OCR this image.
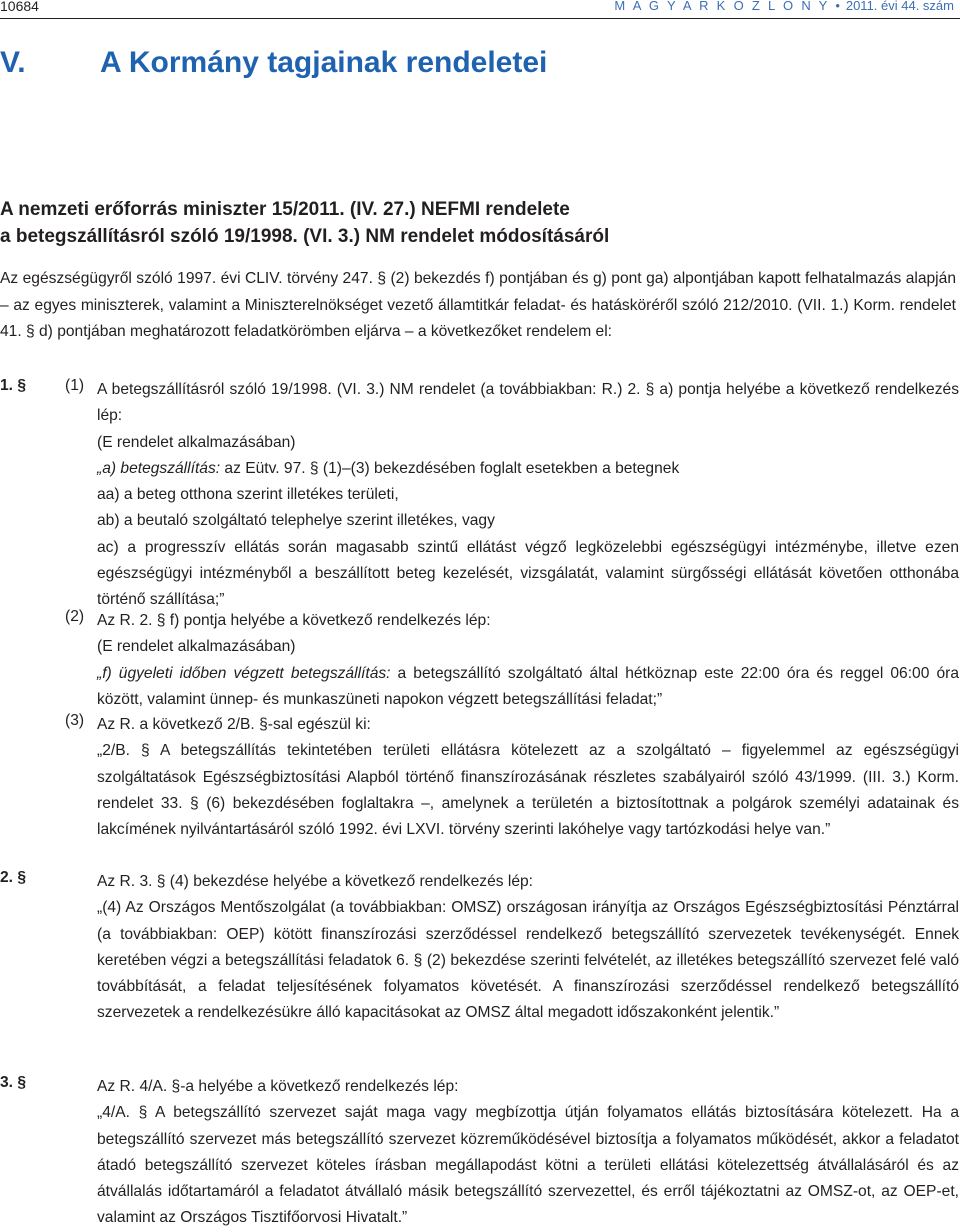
10684	M A G Y A R K Ö Z L Ö N Y • 2011. évi 44. szám
V. A Kormány tagjainak rendeletei
A nemzeti erőforrás miniszter 15/2011. (IV. 27.) NEFMI rendelete
a betegszállításról szóló 19/1998. (VI. 3.) NM rendelet módosításáról
Az egészségügyről szóló 1997. évi CLIV. törvény 247. § (2) bekezdés f) pontjában és g) pont ga) alpontjában kapott felhatalmazás alapján – az egyes miniszterek, valamint a Miniszterelnökséget vezető államtitkár feladat- és hatásköréről szóló 212/2010. (VII. 1.) Korm. rendelet 41. § d) pontjában meghatározott feladatkörömben eljárva – a következőket rendelem el:
1. § (1) A betegszállításról szóló 19/1998. (VI. 3.) NM rendelet (a továbbiakban: R.) 2. § a) pontja helyébe a következő rendelkezés lép:
(E rendelet alkalmazásában)
„a) betegszállítás: az Eütv. 97. § (1)–(3) bekezdésében foglalt esetekben a betegnek
aa) a beteg otthona szerint illetékes területi,
ab) a beutaló szolgáltató telephelye szerint illetékes, vagy
ac) a progresszív ellátás során magasabb szintű ellátást végző legközelebbi egészségügyi intézménybe, illetve ezen egészségügyi intézményből a beszállított beteg kezelését, vizsgálatát, valamint sürgősségi ellátását követően otthonába történő szállítása;”
(2) Az R. 2. § f) pontja helyébe a következő rendelkezés lép:
(E rendelet alkalmazásában)
„f) ügyeleti időben végzett betegszállítás: a betegszállító szolgáltató által hétköznap este 22:00 óra és reggel 06:00 óra között, valamint ünnep- és munkaszüneti napokon végzett betegszállítási feladat;”
(3) Az R. a következő 2/B. §-sal egészül ki:
„2/B. § A betegszállítás tekintetében területi ellátásra kötelezett az a szolgáltató – figyelemmel az egészségügyi szolgáltatások Egészségbiztosítási Alapból történő finanszírozásának részletes szabályairól szóló 43/1999. (III. 3.) Korm. rendelet 33. § (6) bekezdésében foglaltakra –, amelynek a területén a biztosítottnak a polgárok személyi adatainak és lakcímének nyilvántartásáról szóló 1992. évi LXVI. törvény szerinti lakóhelye vagy tartózkodási helye van.”
2. §	Az R. 3. § (4) bekezdése helyébe a következő rendelkezés lép:
„(4) Az Országos Mentőszolgálat (a továbbiakban: OMSZ) országosan irányítja az Országos Egészségbiztosítási Pénztárral (a továbbiakban: OEP) kötött finanszírozási szerződéssel rendelkező betegszállító szervezetek tevékenységét. Ennek keretében végzi a betegszállítási feladatok 6. § (2) bekezdése szerinti felvételét, az illetékes betegszállító szervezet felé való továbbítását, a feladat teljesítésének folyamatos követését. A finanszírozási szerződéssel rendelkező betegszállító szervezetek a rendelkezésükre álló kapacitásokat az OMSZ által megadott időszakonként jelentik.”
3. §	Az R. 4/A. §-a helyébe a következő rendelkezés lép:
„4/A. § A betegszállító szervezet saját maga vagy megbízottja útján folyamatos ellátás biztosítására kötelezett. Ha a betegszállító szervezet más betegszállító szervezet közreműködésével biztosítja a folyamatos működését, akkor a feladatot átadó betegszállító szervezet köteles írásban megállapodást kötni a területi ellátási kötelezettség átvállalásáról és az átvállalás időtartamáról a feladatot átvállaló másik betegszállító szervezettel, és erről tájékoztatni az OMSZ-ot, az OEP-et, valamint az Országos Tisztifőorvosi Hivatalt.”
